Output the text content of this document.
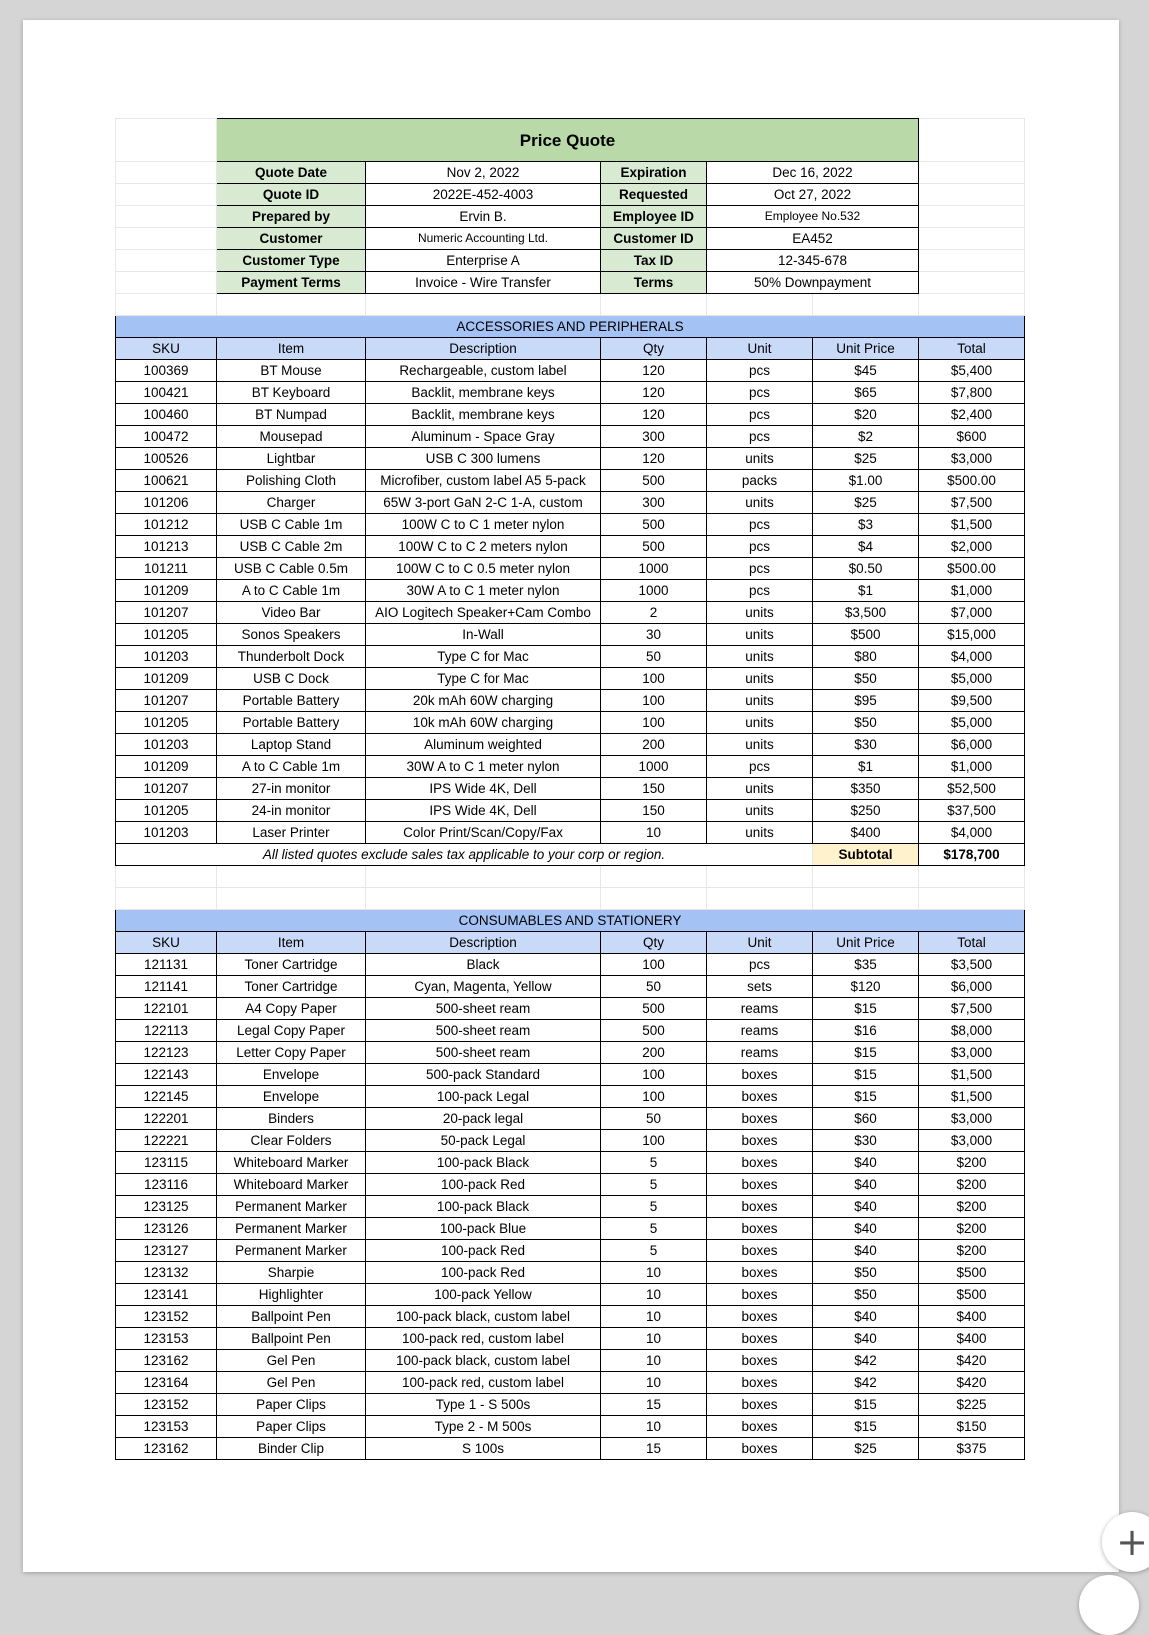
	Price Quote					
	Quote Date	Nov 2, 2022	Expiration	Dec 16, 2022		
	Quote ID	2022E-452-4003	Requested	Oct 27, 2022		
	Prepared by	Ervin B.	Employee ID	Employee No.532		
	Customer	Numeric Accounting Ltd.	Customer ID	EA452		
	Customer Type	Enterprise A	Tax ID	12-345-678		
	Payment Terms	Invoice - Wire Transfer	Terms	50% Downpayment		

ACCESSORIES AND PERIPHERALS						
SKU	Item	Description	Qty	Unit	Unit Price	Total
100369	BT Mouse	Rechargeable, custom label	120	pcs	$45	$5,400
100421	BT Keyboard	Backlit, membrane keys	120	pcs	$65	$7,800
100460	BT Numpad	Backlit, membrane keys	120	pcs	$20	$2,400
100472	Mousepad	Aluminum - Space Gray	300	pcs	$2	$600
100526	Lightbar	USB C 300 lumens	120	units	$25	$3,000
100621	Polishing Cloth	Microfiber, custom label A5 5-pack	500	packs	$1.00	$500.00
101206	Charger	65W 3-port GaN 2-C 1-A, custom	300	units	$25	$7,500
101212	USB C Cable 1m	100W C to C 1 meter nylon	500	pcs	$3	$1,500
101213	USB C Cable 2m	100W C to C 2 meters nylon	500	pcs	$4	$2,000
101211	USB C Cable 0.5m	100W C to C 0.5 meter nylon	1000	pcs	$0.50	$500.00
101209	A to C Cable 1m	30W A to C 1 meter nylon	1000	pcs	$1	$1,000
101207	Video Bar	AIO Logitech Speaker+Cam Combo	2	units	$3,500	$7,000
101205	Sonos Speakers	In-Wall	30	units	$500	$15,000
101203	Thunderbolt Dock	Type C for Mac	50	units	$80	$4,000
101209	USB C Dock	Type C for Mac	100	units	$50	$5,000
101207	Portable Battery	20k mAh 60W charging	100	units	$95	$9,500
101205	Portable Battery	10k mAh 60W charging	100	units	$50	$5,000
101203	Laptop Stand	Aluminum weighted	200	units	$30	$6,000
101209	A to C Cable 1m	30W A to C 1 meter nylon	1000	pcs	$1	$1,000
101207	27-in monitor	IPS Wide 4K, Dell	150	units	$350	$52,500
101205	24-in monitor	IPS Wide 4K, Dell	150	units	$250	$37,500
101203	Laser Printer	Color Print/Scan/Copy/Fax	10	units	$400	$4,000
All listed quotes exclude sales tax applicable to your corp or region.					Subtotal	$178,700

CONSUMABLES AND STATIONERY						
SKU	Item	Description	Qty	Unit	Unit Price	Total
121131	Toner Cartridge	Black	100	pcs	$35	$3,500
121141	Toner Cartridge	Cyan, Magenta, Yellow	50	sets	$120	$6,000
122101	A4 Copy Paper	500-sheet ream	500	reams	$15	$7,500
122113	Legal Copy Paper	500-sheet ream	500	reams	$16	$8,000
122123	Letter Copy Paper	500-sheet ream	200	reams	$15	$3,000
122143	Envelope	500-pack Standard	100	boxes	$15	$1,500
122145	Envelope	100-pack Legal	100	boxes	$15	$1,500
122201	Binders	20-pack legal	50	boxes	$60	$3,000
122221	Clear Folders	50-pack Legal	100	boxes	$30	$3,000
123115	Whiteboard Marker	100-pack Black	5	boxes	$40	$200
123116	Whiteboard Marker	100-pack Red	5	boxes	$40	$200
123125	Permanent Marker	100-pack Black	5	boxes	$40	$200
123126	Permanent Marker	100-pack Blue	5	boxes	$40	$200
123127	Permanent Marker	100-pack Red	5	boxes	$40	$200
123132	Sharpie	100-pack Red	10	boxes	$50	$500
123141	Highlighter	100-pack Yellow	10	boxes	$50	$500
123152	Ballpoint Pen	100-pack black, custom label	10	boxes	$40	$400
123153	Ballpoint Pen	100-pack red, custom label	10	boxes	$40	$400
123162	Gel Pen	100-pack black, custom label	10	boxes	$42	$420
123164	Gel Pen	100-pack red, custom label	10	boxes	$42	$420
123152	Paper Clips	Type 1 - S 500s	15	boxes	$15	$225
123153	Paper Clips	Type 2 - M 500s	10	boxes	$15	$150
123162	Binder Clip	S 100s	15	boxes	$25	$375
+
